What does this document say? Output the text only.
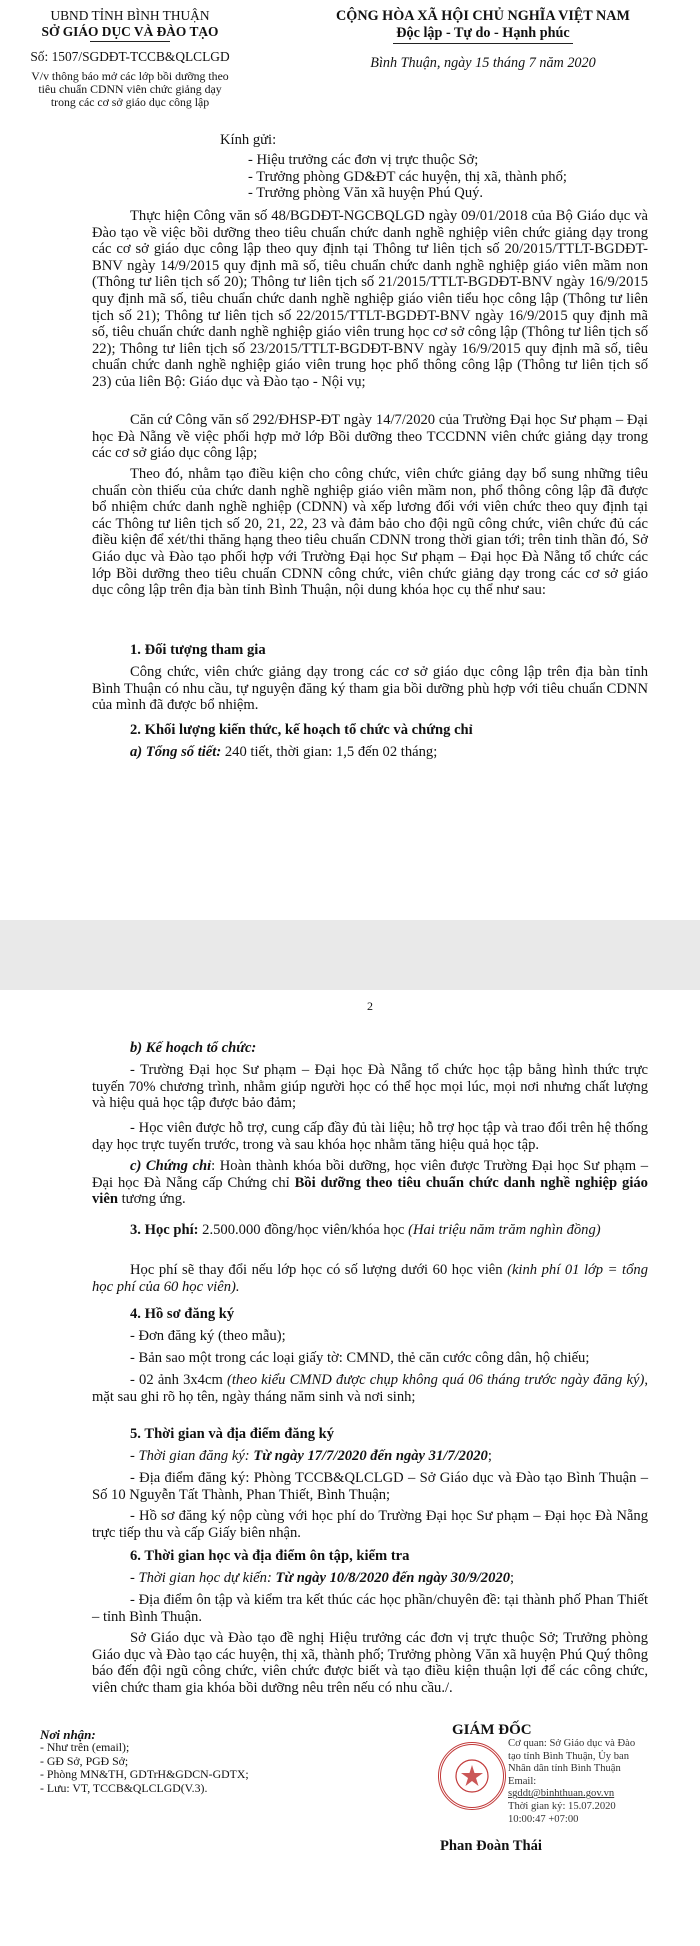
UBND TỈNH BÌNH THUẬN
SỞ GIÁO DỤC VÀ ĐÀO TẠO
Số: 1507/SGDĐT-TCCB&QLCLGD
V/v thông báo mở các lớp bồi dưỡng theo tiêu chuẩn CDNN viên chức giảng dạy trong các cơ sở giáo dục công lập
CỘNG HÒA XÃ HỘI CHỦ NGHĨA VIỆT NAM
Độc lập - Tự do - Hạnh phúc
Bình Thuận, ngày 15 tháng 7 năm 2020
Kính gửi:
- Hiệu trưởng các đơn vị trực thuộc Sở;
- Trưởng phòng GD&ĐT các huyện, thị xã, thành phố;
- Trưởng phòng Văn xã huyện Phú Quý.
Thực hiện Công văn số 48/BGDĐT-NGCBQLGD ngày 09/01/2018 của Bộ Giáo dục và Đào tạo về việc bồi dưỡng theo tiêu chuẩn chức danh nghề nghiệp viên chức giảng dạy trong các cơ sở giáo dục công lập theo quy định tại Thông tư liên tịch số 20/2015/TTLT-BGDĐT-BNV ngày 14/9/2015 quy định mã số, tiêu chuẩn chức danh nghề nghiệp giáo viên mầm non (Thông tư liên tịch số 20); Thông tư liên tịch số 21/2015/TTLT-BGDĐT-BNV ngày 16/9/2015 quy định mã số, tiêu chuẩn chức danh nghề nghiệp giáo viên tiểu học công lập (Thông tư liên tịch số 21); Thông tư liên tịch số 22/2015/TTLT-BGDĐT-BNV ngày 16/9/2015 quy định mã số, tiêu chuẩn chức danh nghề nghiệp giáo viên trung học cơ sở công lập (Thông tư liên tịch số 22); Thông tư liên tịch số 23/2015/TTLT-BGDĐT-BNV ngày 16/9/2015 quy định mã số, tiêu chuẩn chức danh nghề nghiệp giáo viên trung học phổ thông công lập (Thông tư liên tịch số 23) của liên Bộ: Giáo dục và Đào tạo - Nội vụ;
Căn cứ Công văn số 292/ĐHSP-ĐT ngày 14/7/2020 của Trường Đại học Sư phạm – Đại học Đà Nẵng về việc phối hợp mở lớp Bồi dưỡng theo TCCDNN viên chức giảng dạy trong các cơ sở giáo dục công lập;
Theo đó, nhằm tạo điều kiện cho công chức, viên chức giảng dạy bổ sung những tiêu chuẩn còn thiếu của chức danh nghề nghiệp giáo viên mầm non, phổ thông công lập đã được bổ nhiệm chức danh nghề nghiệp (CDNN) và xếp lương đối với viên chức theo quy định tại các Thông tư liên tịch số 20, 21, 22, 23 và đảm bảo cho đội ngũ công chức, viên chức đủ các điều kiện để xét/thi thăng hạng theo tiêu chuẩn CDNN trong thời gian tới; trên tinh thần đó, Sở Giáo dục và Đào tạo phối hợp với Trường Đại học Sư phạm – Đại học Đà Nẵng tổ chức các lớp Bồi dưỡng theo tiêu chuẩn CDNN công chức, viên chức giảng dạy trong các cơ sở giáo dục công lập trên địa bàn tỉnh Bình Thuận, nội dung khóa học cụ thể như sau:
1. Đối tượng tham gia
Công chức, viên chức giảng dạy trong các cơ sở giáo dục công lập trên địa bàn tỉnh Bình Thuận có nhu cầu, tự nguyện đăng ký tham gia bồi dưỡng phù hợp với tiêu chuẩn CDNN của mình đã được bổ nhiệm.
2. Khối lượng kiến thức, kế hoạch tổ chức và chứng chỉ
a) Tổng số tiết: 240 tiết, thời gian: 1,5 đến 02 tháng;
2
b) Kế hoạch tổ chức:
- Trường Đại học Sư phạm – Đại học Đà Nẵng tổ chức học tập bằng hình thức trực tuyến 70% chương trình, nhằm giúp người học có thể học mọi lúc, mọi nơi nhưng chất lượng và hiệu quả học tập được bảo đảm;
- Học viên được hỗ trợ, cung cấp đầy đủ tài liệu; hỗ trợ học tập và trao đổi trên hệ thống dạy học trực tuyến trước, trong và sau khóa học nhằm tăng hiệu quả học tập.
c) Chứng chỉ: Hoàn thành khóa bồi dưỡng, học viên được Trường Đại học Sư phạm – Đại học Đà Nẵng cấp Chứng chỉ Bồi dưỡng theo tiêu chuẩn chức danh nghề nghiệp giáo viên tương ứng.
3. Học phí: 2.500.000 đồng/học viên/khóa học (Hai triệu năm trăm nghìn đồng)
Học phí sẽ thay đổi nếu lớp học có số lượng dưới 60 học viên (kinh phí 01 lớp = tổng học phí của 60 học viên).
4. Hồ sơ đăng ký
- Đơn đăng ký (theo mẫu);
- Bản sao một trong các loại giấy tờ: CMND, thẻ căn cước công dân, hộ chiếu;
- 02 ảnh 3x4cm (theo kiểu CMND được chụp không quá 06 tháng trước ngày đăng ký), mặt sau ghi rõ họ tên, ngày tháng năm sinh và nơi sinh;
5. Thời gian và địa điểm đăng ký
- Thời gian đăng ký: Từ ngày 17/7/2020 đến ngày 31/7/2020;
- Địa điểm đăng ký: Phòng TCCB&QLCLGD – Sở Giáo dục và Đào tạo Bình Thuận – Số 10 Nguyễn Tất Thành, Phan Thiết, Bình Thuận;
- Hồ sơ đăng ký nộp cùng với học phí do Trường Đại học Sư phạm – Đại học Đà Nẵng trực tiếp thu và cấp Giấy biên nhận.
6. Thời gian học và địa điểm ôn tập, kiểm tra
- Thời gian học dự kiến: Từ ngày 10/8/2020 đến ngày 30/9/2020;
- Địa điểm ôn tập và kiểm tra kết thúc các học phần/chuyên đề: tại thành phố Phan Thiết – tỉnh Bình Thuận.
Sở Giáo dục và Đào tạo đề nghị Hiệu trưởng các đơn vị trực thuộc Sở; Trưởng phòng Giáo dục và Đào tạo các huyện, thị xã, thành phố; Trưởng phòng Văn xã huyện Phú Quý thông báo đến đội ngũ công chức, viên chức được biết và tạo điều kiện thuận lợi để các công chức, viên chức tham gia khóa bồi dưỡng nêu trên nếu có nhu cầu./.
Nơi nhận:
- Như trên (email);
- GĐ Sở, PGĐ Sở;
- Phòng MN&TH, GDTrH&GDCN-GDTX;
- Lưu: VT, TCCB&QLCLGD(V.3).
GIÁM ĐỐC
Cơ quan: Sở Giáo dục và Đào
tạo tỉnh Bình Thuận, Ủy ban
Nhân dân tỉnh Bình Thuận
Email:
sgddt@binhthuan.gov.vn
Thời gian ký: 15.07.2020
10:00:47 +07:00
Phan Đoàn Thái
